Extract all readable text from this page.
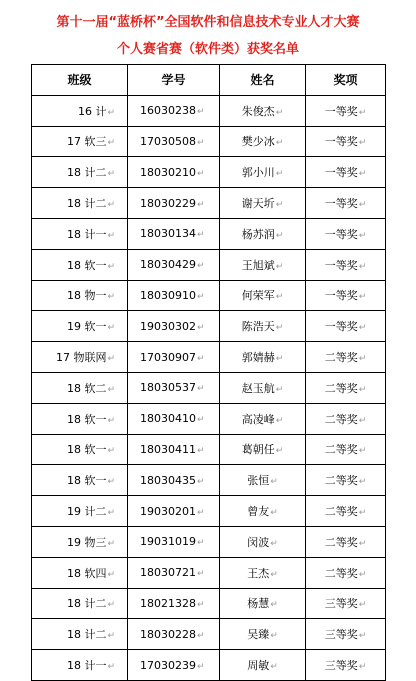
第十一届“蓝桥杯”全国软件和信息技术专业人才大赛
个人赛省赛（软件类）获奖名单
班级	学号	姓名	奖项
16 计↵	16030238↵	朱俊杰↵	一等奖↵
17 软三↵	17030508↵	樊少冰↵	一等奖↵
18 计二↵	18030210↵	郭小川↵	一等奖↵
18 计二↵	18030229↵	谢天圻↵	一等奖↵
18 计一↵	18030134↵	杨苏润↵	一等奖↵
18 软一↵	18030429↵	王旭斌↵	一等奖↵
18 物一↵	18030910↵	何荣军↵	一等奖↵
19 软一↵	19030302↵	陈浩天↵	一等奖↵
17 物联网↵	17030907↵	郭婧赫↵	二等奖↵
18 软二↵	18030537↵	赵玉航↵	二等奖↵
18 软一↵	18030410↵	高凌峰↵	二等奖↵
18 软一↵	18030411↵	葛朝任↵	二等奖↵
18 软一↵	18030435↵	张恒↵	二等奖↵
19 计二↵	19030201↵	曾友↵	二等奖↵
19 物三↵	19031019↵	闵波↵	二等奖↵
18 软四↵	18030721↵	王杰↵	二等奖↵
18 计二↵	18021328↵	杨慧↵	三等奖↵
18 计二↵	18030228↵	吴臻↵	三等奖↵
18 计一↵	17030239↵	周敏↵	三等奖↵
